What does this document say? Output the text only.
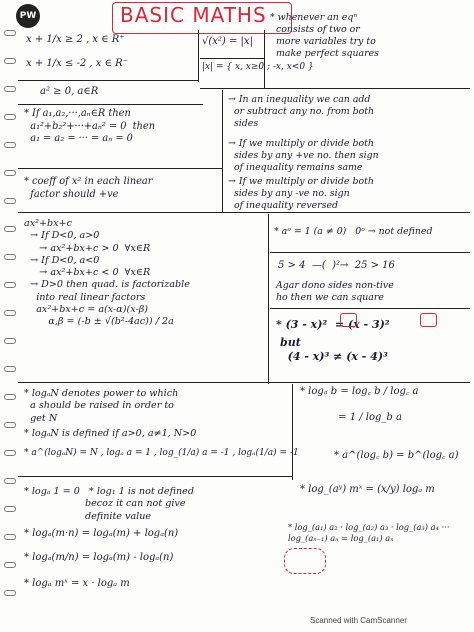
PW	BASIC MATHS
x + 1/x ≥ 2 , x ∈ R⁺
x + 1/x ≤ -2 , x ∈ R⁻
√(x²) = |x|
|x| = { x, x≥0 ; -x, x<0 }
* whenever an eqⁿ
consists of two or
more variables try to
make perfect squares
a² ≥ 0, a∈R
* If a₁,a₂,···,aₙ∈R then
a₁²+b₂²+···+aₙ² = 0  then
a₁ = a₂ = ··· = aₙ = 0
* coeff of x² in each linear
factor should +ve
→ In an inequality we can add
or subtract any no. from both
sides
→ If we multiply or divide both
sides by any +ve no. then sign
of inequality remains same
→ If we multiply or divide both
sides by any -ve no. sign
of inequality reversed
ax²+bx+c
→ If D<0, a>0
→ ax²+bx+c > 0  ∀x∈R
→ If D<0, a<0
→ ax²+bx+c < 0  ∀x∈R
→ D>0 then quad. is factorizable
into real linear factors
ax²+bx+c = a(x-α)(x-β)
α,β = (-b ± √(b²-4ac)) / 2a
* aᵒ = 1 (a ≠ 0)   0ᵒ → not defined
5 > 4  —(  )²→  25 > 16
Agar dono sides non-tive
ho then we can square
* (3 - x)²  = (x - 3)²
but
(4 - x)³ ≠ (x - 4)³
* logₐN denotes power to which
a should be raised in order to
get N
* logₐN is defined if a>0, a≠1, N>0
* a^(logₐN) = N , logₐ a = 1 , log_(1/a) a = -1 , logₐ(1/a) = -1
* logₐ 1 = 0   * log₁ 1 is not defined
becoz it can not give
definite value
* logₐ(m·n) = logₐ(m) + logₐ(n)
* logₐ(m/n) = logₐ(m) - logₐ(n)
* logₐ mˣ = x · logₐ m
* logₐ b = log꜀ b / log꜀ a

= 1 / log_b a
* a^(log꜀ b) = b^(log꜀ a)
* log_(aʸ) mˣ = (x/y) logₐ m
* log_(a₁) a₂ · log_(a₂) a₃ · log_(a₃) a₄ ··· log_(aₙ₋₁) aₙ = log_(a₁) aₙ
Scanned with CamScanner
